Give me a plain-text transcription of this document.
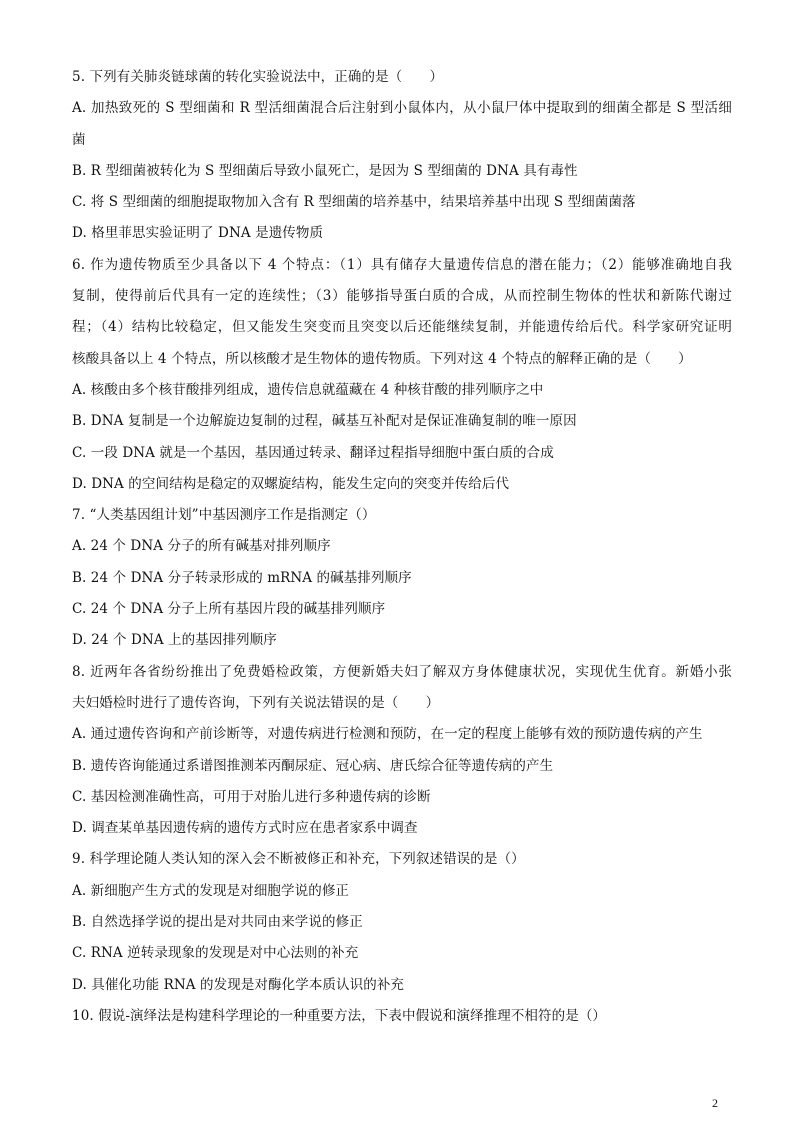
5. 下列有关肺炎链球菌的转化实验说法中，正确的是（　　）
A. 加热致死的 S 型细菌和 R 型活细菌混合后注射到小鼠体内，从小鼠尸体中提取到的细菌全都是 S 型活细
菌
B. R 型细菌被转化为 S 型细菌后导致小鼠死亡，是因为 S 型细菌的 DNA 具有毒性
C. 将 S 型细菌的细胞提取物加入含有 R 型细菌的培养基中，结果培养基中出现 S 型细菌菌落
D. 格里菲思实验证明了 DNA 是遗传物质
6. 作为遗传物质至少具备以下 4 个特点：（1）具有储存大量遗传信息的潜在能力；（2）能够准确地自我
复制，使得前后代具有一定的连续性；（3）能够指导蛋白质的合成，从而控制生物体的性状和新陈代谢过
程；（4）结构比较稳定，但又能发生突变而且突变以后还能继续复制，并能遗传给后代。科学家研究证明
核酸具备以上 4 个特点，所以核酸才是生物体的遗传物质。下列对这 4 个特点的解释正确的是（　　）
A. 核酸由多个核苷酸排列组成，遗传信息就蕴藏在 4 种核苷酸的排列顺序之中
B. DNA 复制是一个边解旋边复制的过程，碱基互补配对是保证准确复制的唯一原因
C. 一段 DNA 就是一个基因，基因通过转录、翻译过程指导细胞中蛋白质的合成
D. DNA 的空间结构是稳定的双螺旋结构，能发生定向的突变并传给后代
7. “人类基因组计划”中基因测序工作是指测定（）
A. 24 个 DNA 分子的所有碱基对排列顺序
B. 24 个 DNA 分子转录形成的 mRNA 的碱基排列顺序
C. 24 个 DNA 分子上所有基因片段的碱基排列顺序
D. 24 个 DNA 上的基因排列顺序
8. 近两年各省纷纷推出了免费婚检政策，方便新婚夫妇了解双方身体健康状况，实现优生优育。新婚小张
夫妇婚检时进行了遗传咨询，下列有关说法错误的是（　　）
A. 通过遗传咨询和产前诊断等，对遗传病进行检测和预防，在一定的程度上能够有效的预防遗传病的产生
B. 遗传咨询能通过系谱图推测苯丙酮尿症、冠心病、唐氏综合征等遗传病的产生
C. 基因检测准确性高，可用于对胎儿进行多种遗传病的诊断
D. 调查某单基因遗传病的遗传方式时应在患者家系中调查
9. 科学理论随人类认知的深入会不断被修正和补充，下列叙述错误的是（）
A. 新细胞产生方式的发现是对细胞学说的修正
B. 自然选择学说的提出是对共同由来学说的修正
C. RNA 逆转录现象的发现是对中心法则的补充
D. 具催化功能 RNA 的发现是对酶化学本质认识的补充
10. 假说-演绎法是构建科学理论的一种重要方法，下表中假说和演绎推理不相符的是（）
2
